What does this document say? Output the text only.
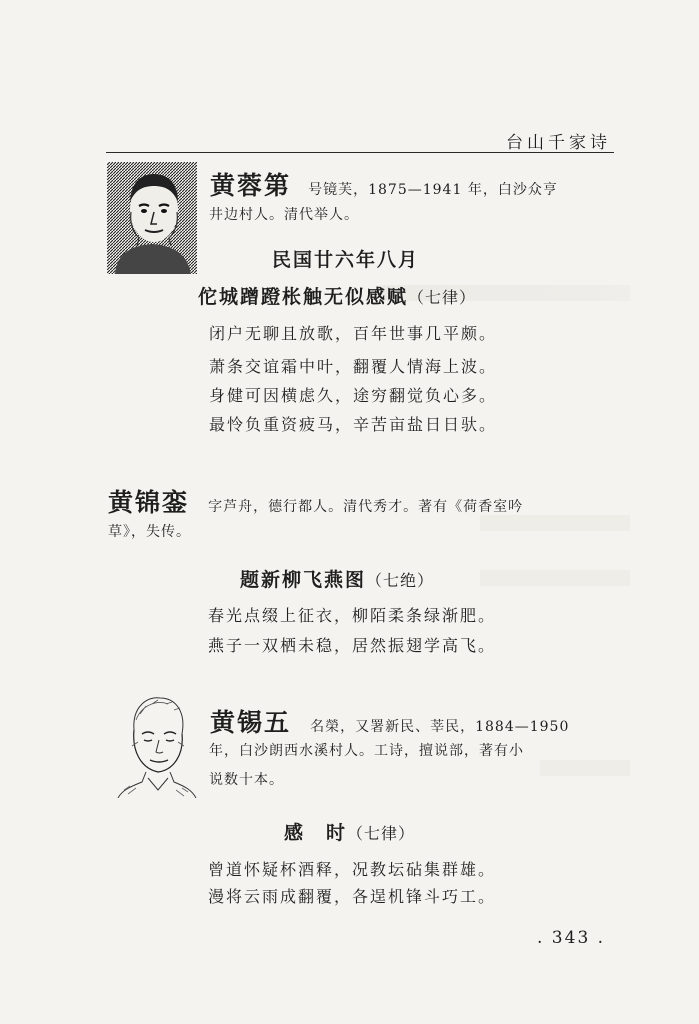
台山千家诗
黄蓉第 号镜芙，1875—1941 年，白沙众亨
井边村人。清代举人。
民国廿六年八月
佗城蹭蹬枨触无似感赋（七律）
闭户无聊且放歌，百年世事几平颇。
萧条交谊霜中叶，翻覆人情海上波。
身健可因横虑久，途穷翻觉负心多。
最怜负重资疲马，辛苦亩盐日日驮。
黄锦銮 字芦舟，德行都人。清代秀才。著有《荷香室吟
草》，失传。
题新柳飞燕图（七绝）
春光点缀上征衣，柳陌柔条绿渐肥。
燕子一双栖未稳，居然振翅学高飞。
黄锡五 名榮，又署新民、莘民，1884—1950
年，白沙朗西水溪村人。工诗，擅说部，著有小
说数十本。
感　时（七律）
曾道怀疑杯酒释，况教坛砧集群雄。
漫将云雨成翻覆，各逞机锋斗巧工。
. 343 .
